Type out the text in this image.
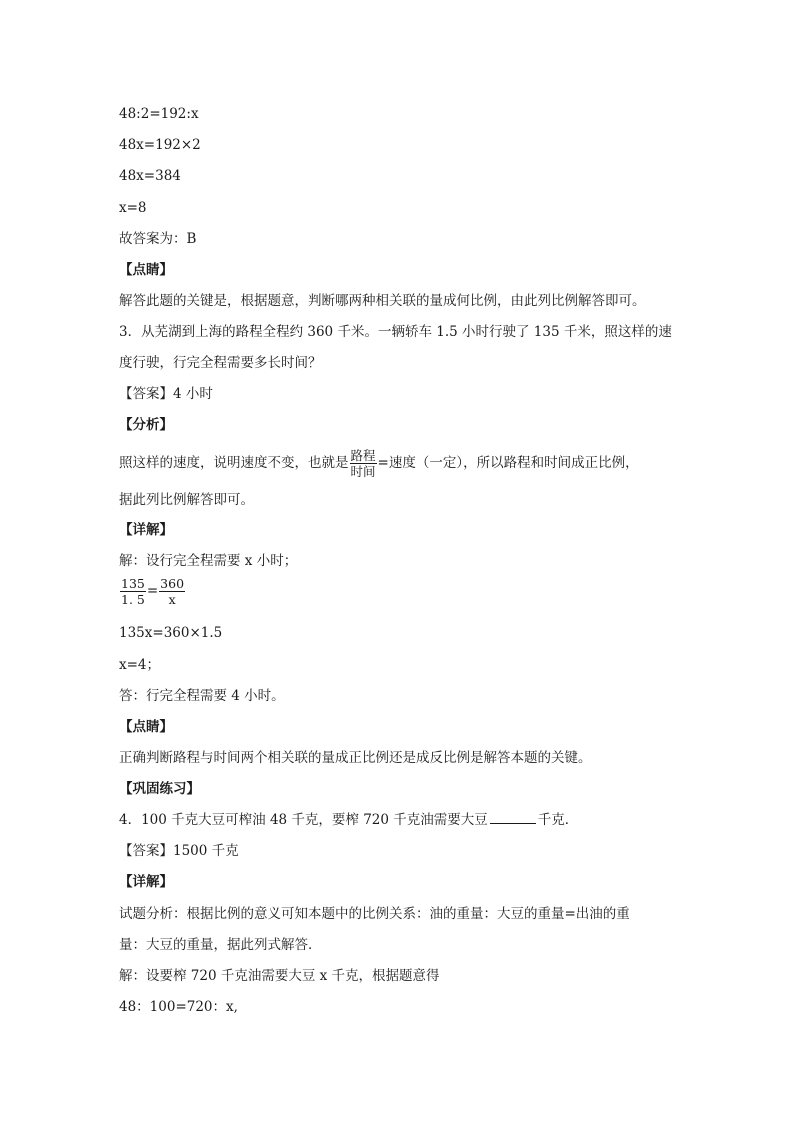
48:2=192:x
48x=192×2
48x=384
x=8
故答案为：B
【点睛】
解答此题的关键是，根据题意，判断哪两种相关联的量成何比例，由此列比例解答即可。
3．从芜湖到上海的路程全程约 360 千米。一辆轿车 1.5 小时行驶了 135 千米，照这样的速
度行驶，行完全程需要多长时间？
【答案】4 小时
【分析】
照这样的速度，说明速度不变，也就是 $\frac{\text{路程}}{\text{时间}}$ =速度（一定），所以路程和时间成正比例，
据此列比例解答即可。
【详解】
解：设行完全程需要 x 小时；
$\frac{135}{1. 5} = \frac{360}{x}$
135x=360×1.5
x=4；
答：行完全程需要 4 小时。
【点睛】
正确判断路程与时间两个相关联的量成正比例还是成反比例是解答本题的关键。
【巩固练习】
4．100 千克大豆可榨油 48 千克，要榨 720 千克油需要大豆	千克．
【答案】1500 千克
【详解】
试题分析：根据比例的意义可知本题中的比例关系：油的重量：大豆的重量=出油的重
量：大豆的重量，据此列式解答．
解：设要榨 720 千克油需要大豆 x 千克，根据题意得
48：100=720：x,
